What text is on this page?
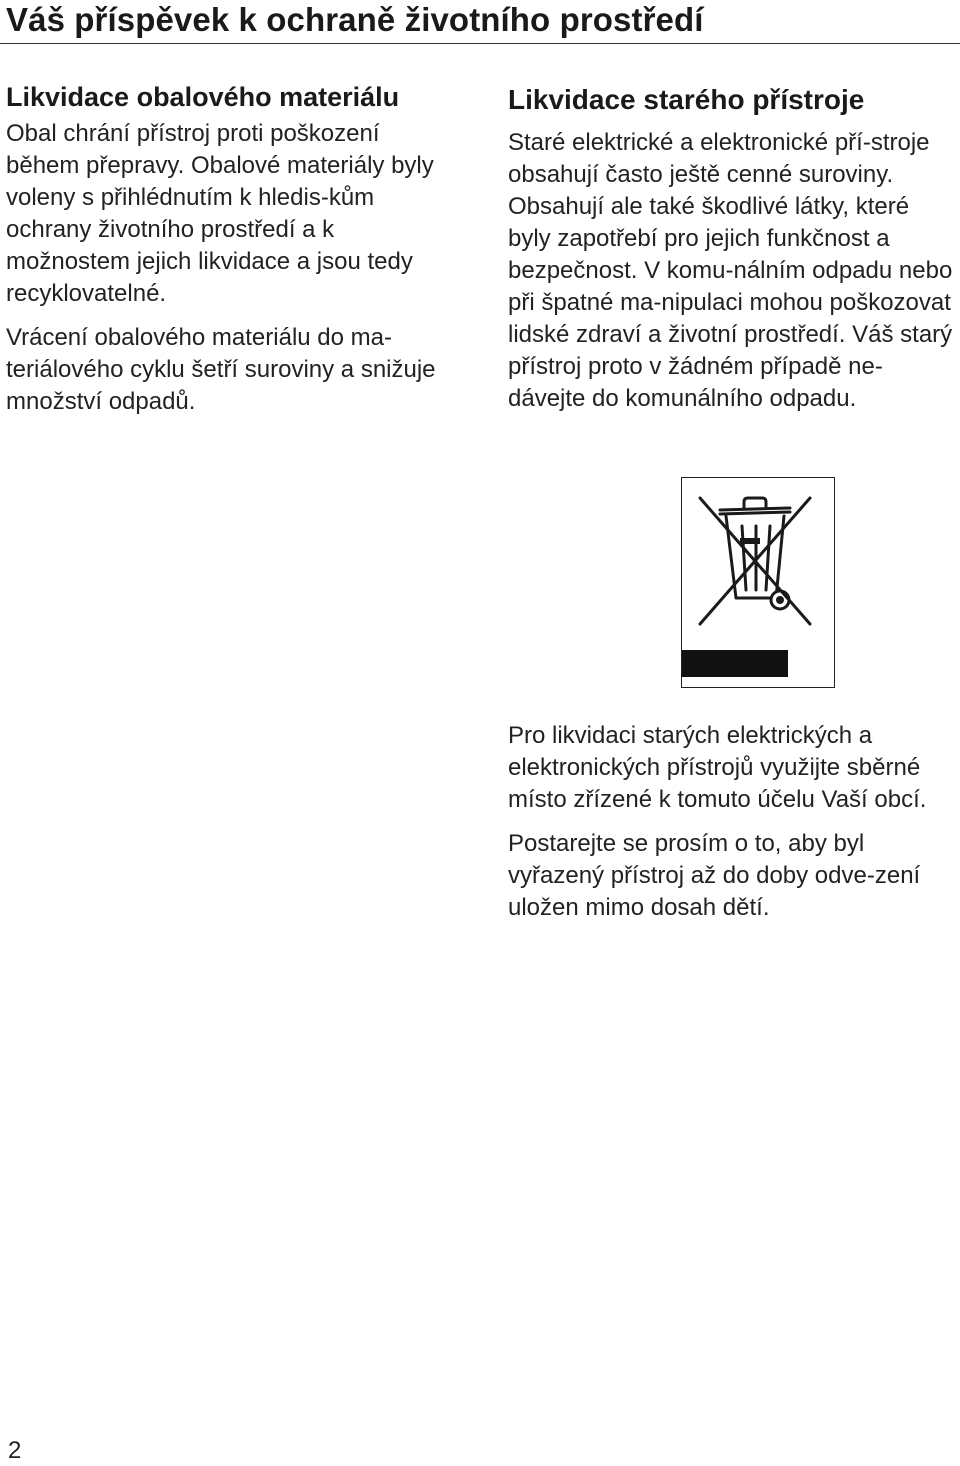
Váš příspěvek k ochraně životního prostředí
Likvidace obalového materiálu

Obal chrání přístroj proti poškození během přepravy. Obalové materiály byly voleny s přihlédnutím k hledis-kům ochrany životního prostředí a k možnostem jejich likvidace a jsou tedy recyklovatelné.

Vrácení obalového materiálu do ma-teriálového cyklu šetří suroviny a snižuje množství odpadů.

Likvidace starého přístroje

Staré elektrické a elektronické pří-stroje obsahují často ještě cenné suroviny. Obsahují ale také škodlivé látky, které byly zapotřebí pro jejich funkčnost a bezpečnost. V komu-nálním odpadu nebo při špatné ma-nipulaci mohou poškozovat lidské zdraví a životní prostředí. Váš starý přístroj proto v žádném případě ne-dávejte do komunálního odpadu.

Pro likvidaci starých elektrických a elektronických přístrojů využijte sběrné místo zřízené k tomuto účelu Vaší obcí.

Postarejte se prosím o to, aby byl vyřazený přístroj až do doby odve-zení uložen mimo dosah dětí.

2
